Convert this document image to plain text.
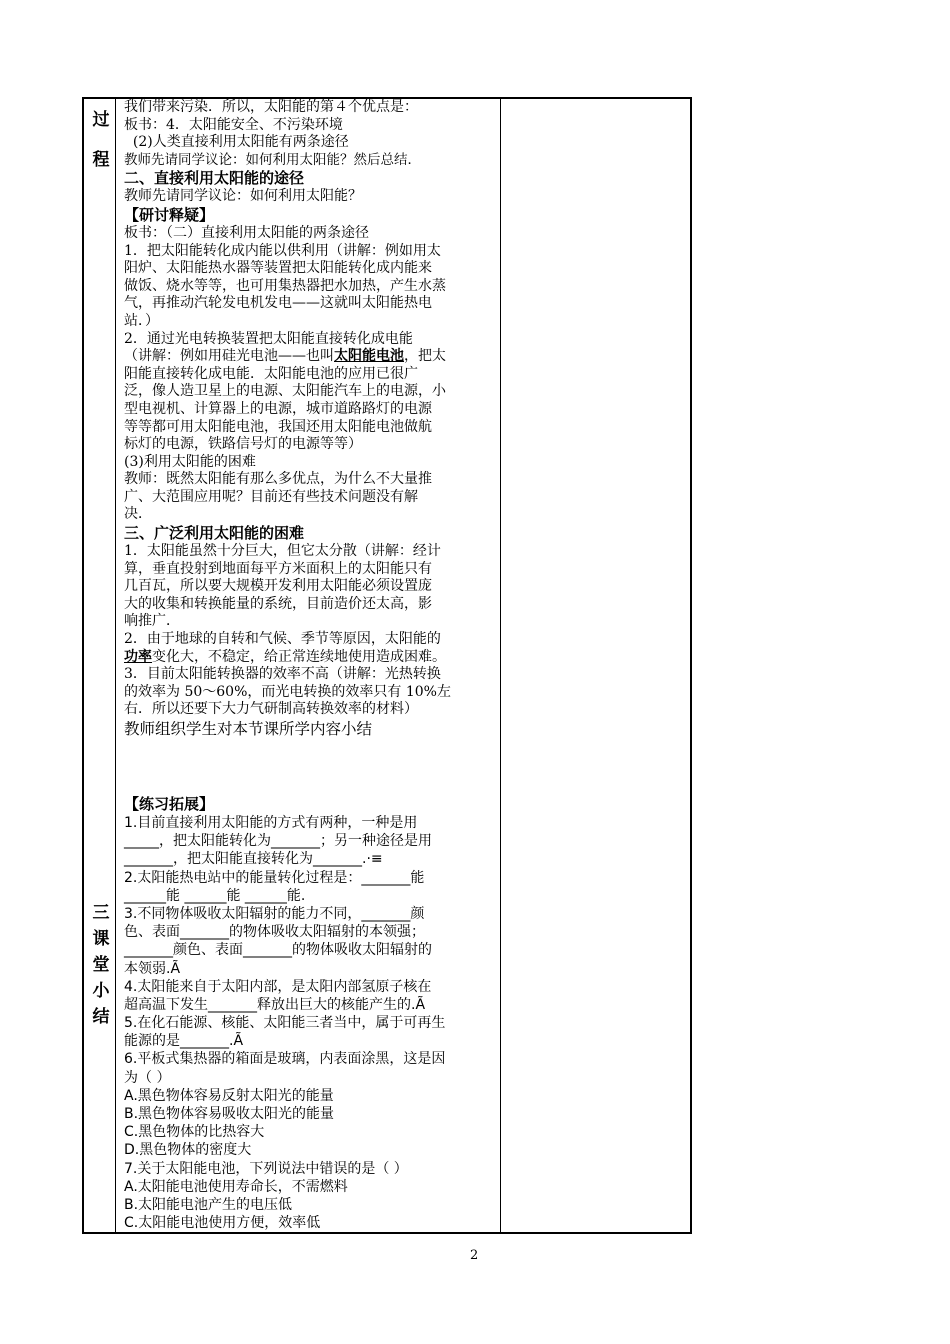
过
程
三
课
堂
小
结
我们带来污染．所以，太阳能的第４个优点是：
板书：4．太阳能安全、不污染环境
(2)人类直接利用太阳能有两条途径
教师先请同学议论：如何利用太阳能？然后总结．
二、直接利用太阳能的途径
教师先请同学议论：如何利用太阳能？
【研讨释疑】
板书：（二）直接利用太阳能的两条途径
1．把太阳能转化成内能以供利用（讲解：例如用太
阳炉、太阳能热水器等装置把太阳能转化成内能来
做饭、烧水等等，也可用集热器把水加热，产生水蒸
气，再推动汽轮发电机发电——这就叫太阳能热电
站．）
2．通过光电转换装置把太阳能直接转化成电能
（讲解：例如用硅光电池——也叫太阳能电池，把太
阳能直接转化成电能．太阳能电池的应用已很广
泛，像人造卫星上的电源、太阳能汽车上的电源，小
型电视机、计算器上的电源，城市道路路灯的电源
等等都可用太阳能电池，我国还用太阳能电池做航
标灯的电源，铁路信号灯的电源等等）
(3)利用太阳能的困难
教师：既然太阳能有那么多优点，为什么不大量推
广、大范围应用呢？目前还有些技术问题没有解
决．
三、广泛利用太阳能的困难
1．太阳能虽然十分巨大，但它太分散（讲解：经计
算，垂直投射到地面每平方米面积上的太阳能只有
几百瓦，所以要大规模开发利用太阳能必须设置庞
大的收集和转换能量的系统，目前造价还太高，影
响推广．
2．由于地球的自转和气候、季节等原因，太阳能的
功率变化大，不稳定，给正常连续地使用造成困难。
3．目前太阳能转换器的效率不高（讲解：光热转换
的效率为 50～60%，而光电转换的效率只有 10%左
右．所以还要下大力气研制高转换效率的材料）
教师组织学生对本节课所学内容小结
【练习拓展】
1.目前直接利用太阳能的方式有两种，一种是用
_____，把太阳能转化为_______；另一种途径是用
_______，把太阳能直接转化为_______.·≡
2.太阳能热电站中的能量转化过程是：_______能
______能 ______能 ______能.
3.不同物体吸收太阳辐射的能力不同，_______颜
色、表面_______的物体吸收太阳辐射的本领强；
_______颜色、表面_______的物体吸收太阳辐射的
本领弱.Ã
4.太阳能来自于太阳内部，是太阳内部氢原子核在
超高温下发生_______释放出巨大的核能产生的.Ã
5.在化石能源、核能、太阳能三者当中，属于可再生
能源的是_______.Ã
6.平板式集热器的箱面是玻璃，内表面涂黑，这是因
为（ ）
A.黑色物体容易反射太阳光的能量
B.黑色物体容易吸收太阳光的能量
C.黑色物体的比热容大
D.黑色物体的密度大
7.关于太阳能电池，下列说法中错误的是（ ）
A.太阳能电池使用寿命长，不需燃料
B.太阳能电池产生的电压低
C.太阳能电池使用方便，效率低
2
